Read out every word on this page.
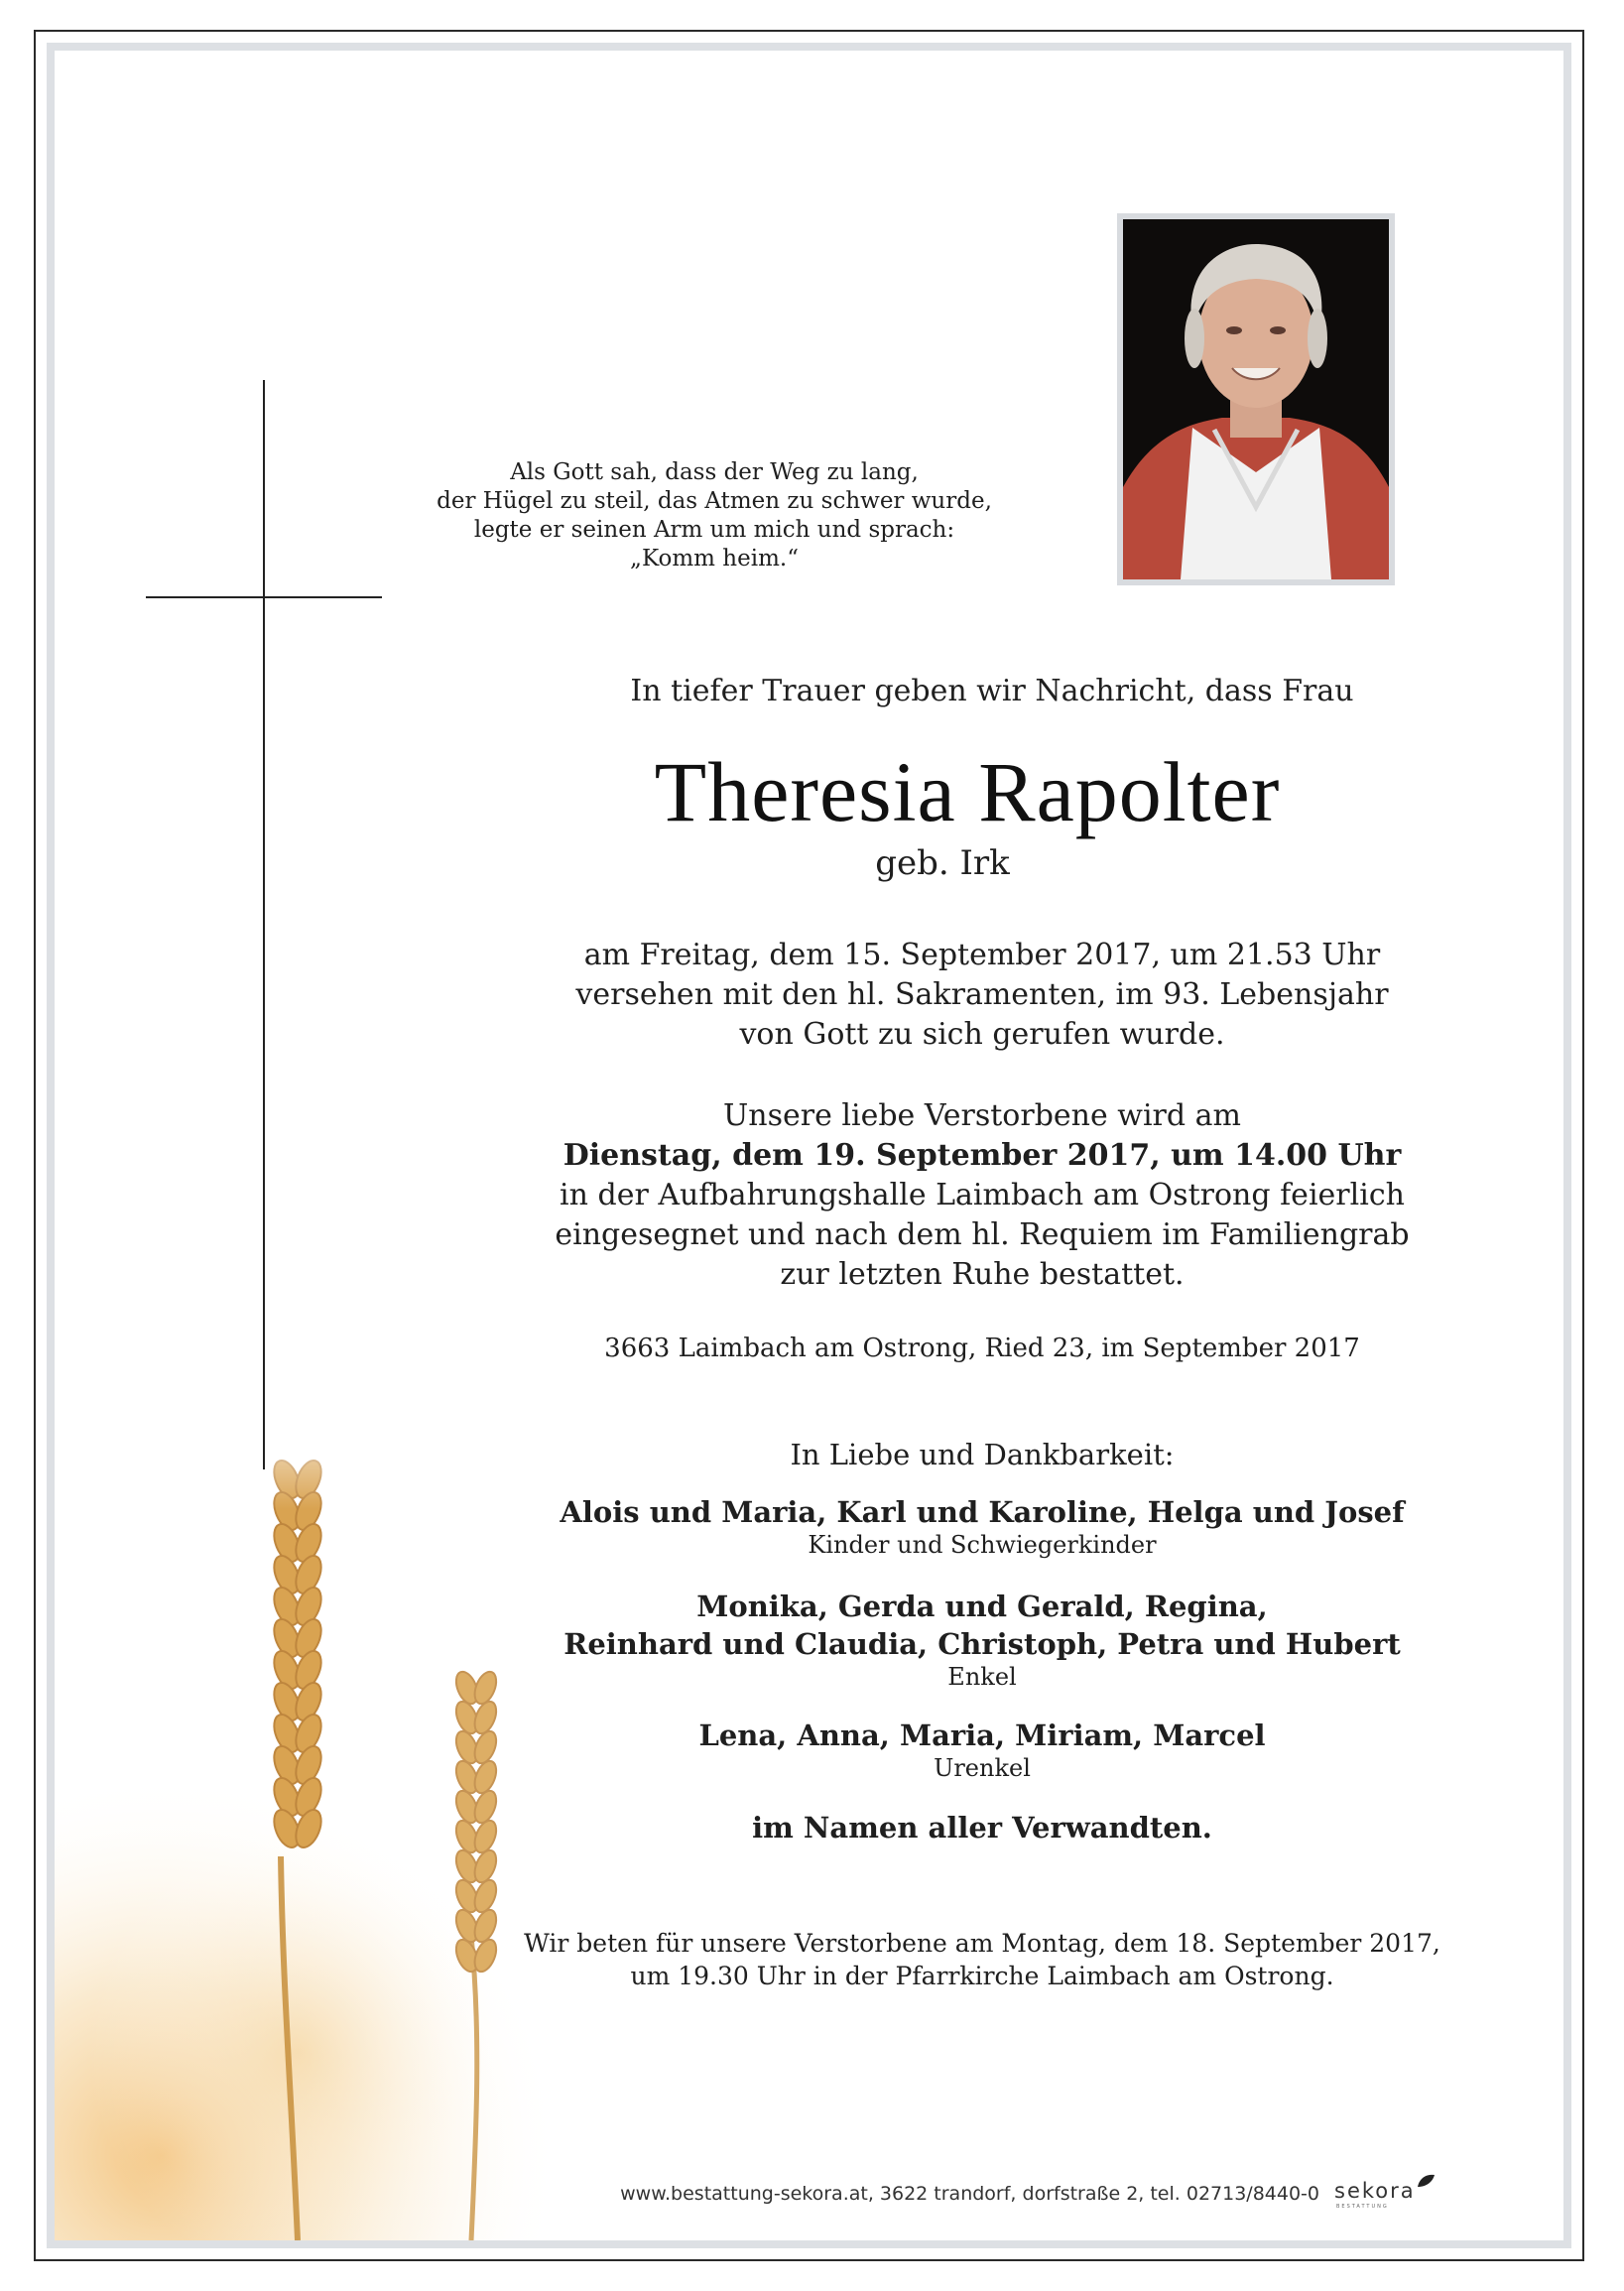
Als Gott sah, dass der Weg zu lang,
der Hügel zu steil, das Atmen zu schwer wurde,
legte er seinen Arm um mich und sprach:
„Komm heim.“

In tiefer Trauer geben wir Nachricht, dass Frau

Theresia Rapolter

geb. Irk

am Freitag, dem 15. September 2017, um 21.53 Uhr
versehen mit den hl. Sakramenten, im 93. Lebensjahr
von Gott zu sich gerufen wurde.
Unsere liebe Verstorbene wird am
Dienstag, dem 19. September 2017, um 14.00 Uhr
in der Aufbahrungshalle Laimbach am Ostrong feierlich
eingesegnet und nach dem hl. Requiem im Familiengrab
zur letzten Ruhe bestattet.

3663 Laimbach am Ostrong, Ried 23, im September 2017

In Liebe und Dankbarkeit:

Alois und Maria, Karl und Karoline, Helga und Josef
Kinder und Schwiegerkinder
Monika, Gerda und Gerald, Regina,
Reinhard und Claudia, Christoph, Petra und Hubert
Enkel
Lena, Anna, Maria, Miriam, Marcel
Urenkel

im Namen aller Verwandten.

Wir beten für unsere Verstorbene am Montag, dem 18. September 2017,
um 19.30 Uhr in der Pfarrkirche Laimbach am Ostrong.

www.bestattung-sekora.at, 3622 trandorf, dorfstraße 2, tel. 02713/8440-0 sekora
BESTATTUNG
